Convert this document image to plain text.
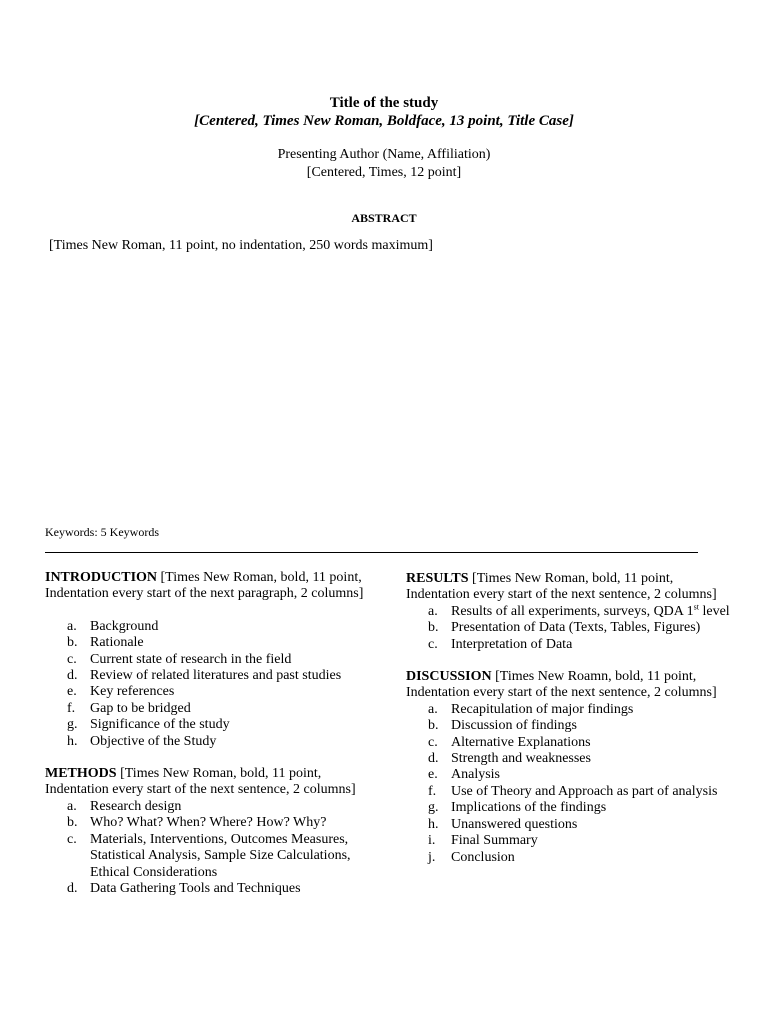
Title of the study
[Centered, Times New Roman, Boldface, 13 point, Title Case]
Presenting Author (Name, Affiliation)
[Centered, Times, 12 point]
ABSTRACT
[Times New Roman, 11 point, no indentation, 250 words maximum]
Keywords: 5 Keywords

INTRODUCTION [Times New Roman, bold, 11 point, Indentation every start of the next paragraph, 2 columns]

a. Background
b. Rationale
c. Current state of research in the field
d. Review of related literatures and past studies
e. Key references
f. Gap to be bridged
g. Significance of the study
h. Objective of the Study

METHODS [Times New Roman, bold, 11 point, Indentation every start of the next sentence, 2 columns]

a. Research design
b. Who? What? When? Where? How? Why?
c. Materials, Interventions, Outcomes Measures, Statistical Analysis, Sample Size Calculations, Ethical Considerations
d. Data Gathering Tools and Techniques

RESULTS [Times New Roman, bold, 11 point, Indentation every start of the next sentence, 2 columns]

a. Results of all experiments, surveys, QDA 1st level
b. Presentation of Data (Texts, Tables, Figures)
c. Interpretation of Data

DISCUSSION [Times New Roamn, bold, 11 point, Indentation every start of the next sentence, 2 columns]

a. Recapitulation of major findings
b. Discussion of findings
c. Alternative Explanations
d. Strength and weaknesses
e. Analysis
f. Use of Theory and Approach as part of analysis
g. Implications of the findings
h. Unanswered questions
i. Final Summary
j. Conclusion
